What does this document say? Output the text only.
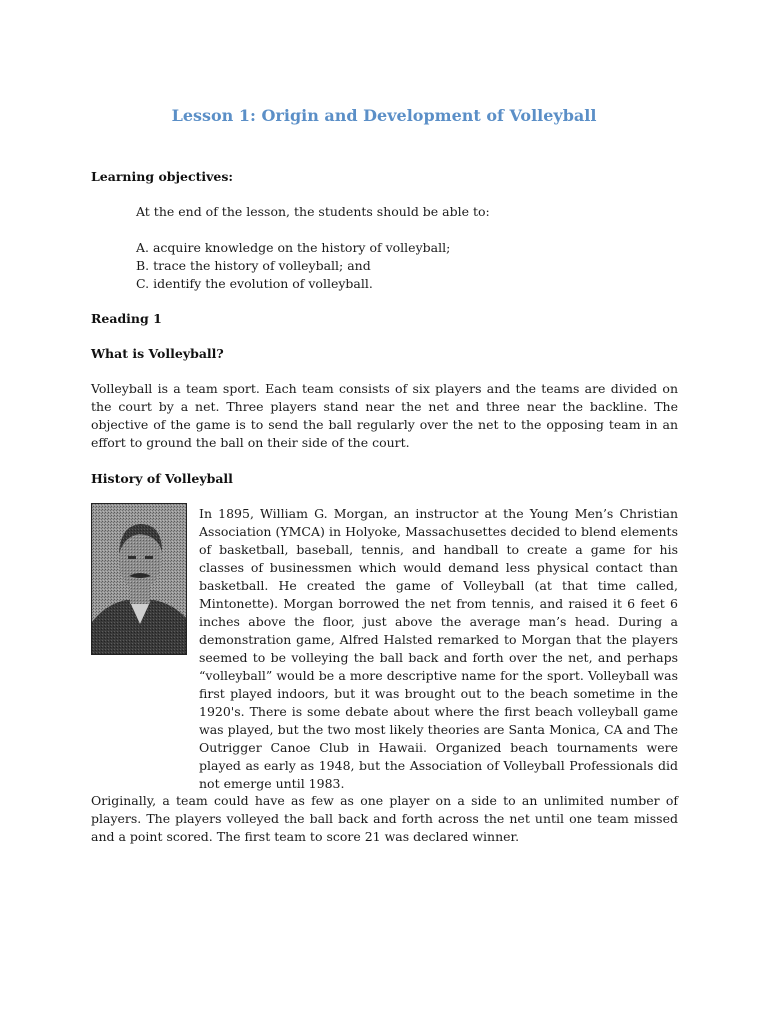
Lesson 1: Origin and Development of Volleyball

Learning objectives:

At the end of the lesson, the students should be able to:

A. acquire knowledge on the history of volleyball;
B. trace the history of volleyball; and
C. identify the evolution of volleyball.

Reading 1

What is Volleyball?

Volleyball is a team sport. Each team consists of six players and the teams are divided on the court by a net. Three players stand near the net and three near the backline. The objective of the game is to send the ball regularly over the net to the opposing team in an effort to ground the ball on their side of the court.

History of Volleyball

In 1895, William G. Morgan, an instructor at the Young Men’s Christian Association (YMCA) in Holyoke, Massachusettes decided to blend elements of basketball, baseball, tennis, and handball to create a game for his classes of businessmen which would demand less physical contact than basketball. He created the game of Volleyball (at that time called, Mintonette). Morgan borrowed the net from tennis, and raised it 6 feet 6 inches above the floor, just above the average man’s head. During a demonstration game, Alfred Halsted remarked to Morgan that the players seemed to be volleying the ball back and forth over the net, and perhaps “volleyball” would be a more descriptive name for the sport. Volleyball was first played indoors, but it was brought out to the beach sometime in the 1920's. There is some debate about where the first beach volleyball game was played, but the two most likely theories are Santa Monica, CA and The Outrigger Canoe Club in Hawaii. Organized beach tournaments were played as early as 1948, but the Association of Volleyball Professionals did not emerge until 1983.

Originally, a team could have as few as one player on a side to an unlimited number of players. The players volleyed the ball back and forth across the net until one team missed and a point scored. The first team to score 21 was declared winner.
